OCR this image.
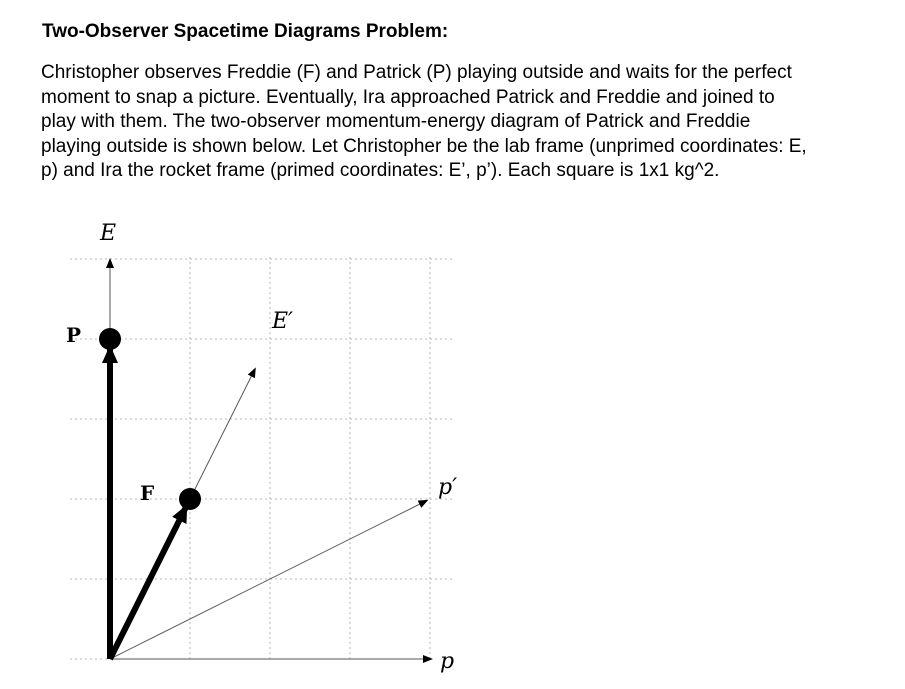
Two-Observer Spacetime Diagrams Problem:
Christopher observes Freddie (F) and Patrick (P) playing outside and waits for the perfect
moment to snap a picture. Eventually, Ira approached Patrick and Freddie and joined to
play with them. The two-observer momentum-energy diagram of Patrick and Freddie
playing outside is shown below. Let Christopher be the lab frame (unprimed coordinates: E,
p) and Ira the rocket frame (primed coordinates: E’, p’). Each square is 1x1 kg^2.
E
p
E′
p′
P
F
